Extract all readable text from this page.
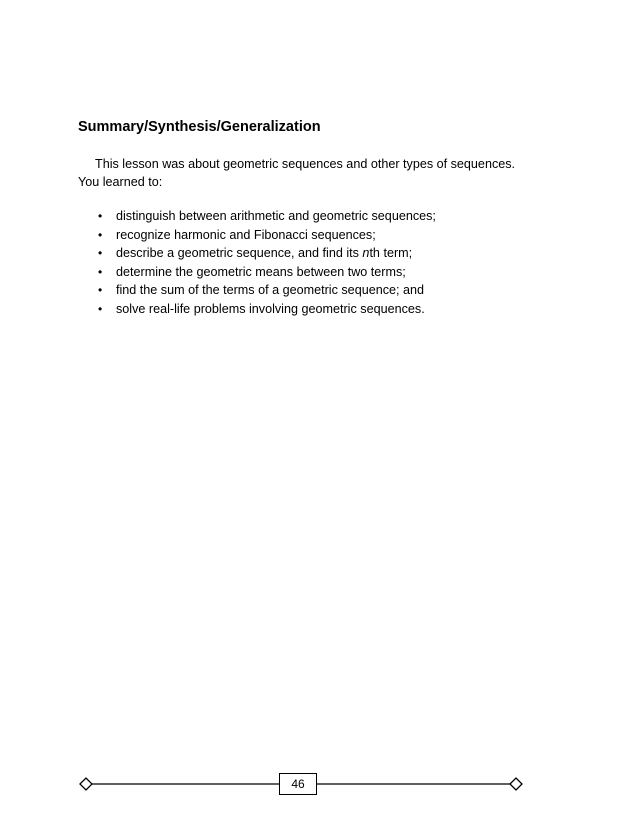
Summary/Synthesis/Generalization

This lesson was about geometric sequences and other types of sequences.
You learned to:

• distinguish between arithmetic and geometric sequences;
• recognize harmonic and Fibonacci sequences;
• describe a geometric sequence, and find its nth term;
• determine the geometric means between two terms;
• find the sum of the terms of a geometric sequence; and
• solve real-life problems involving geometric sequences.
46
